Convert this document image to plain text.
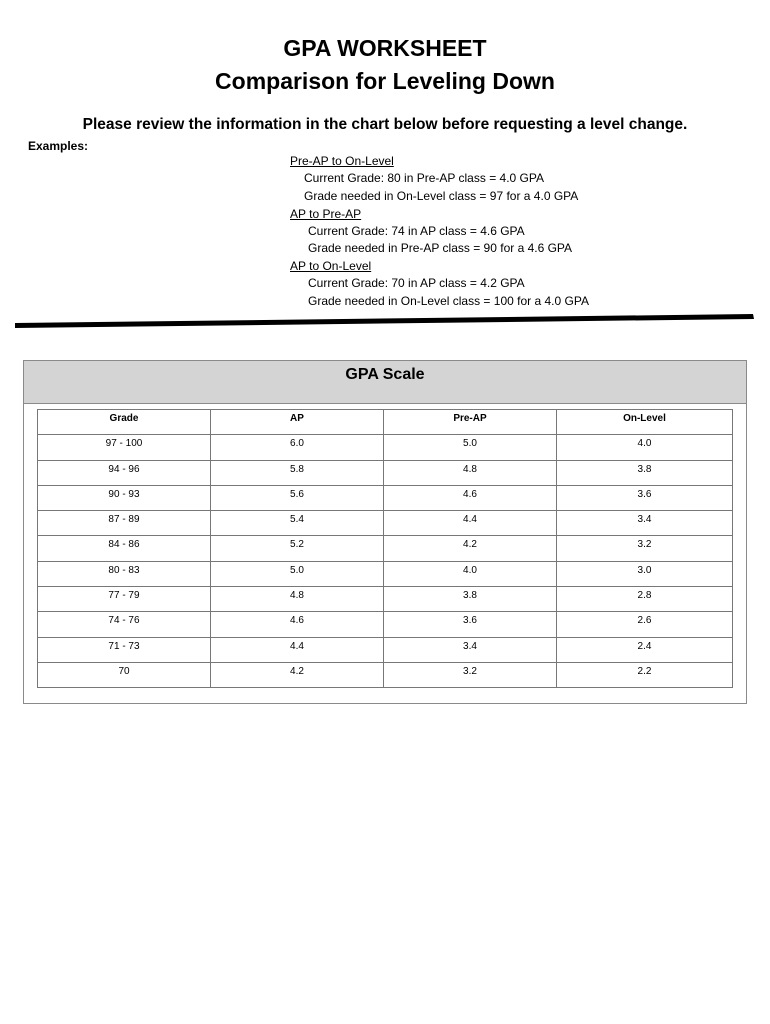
GPA WORKSHEET
Comparison for Leveling Down
Please review the information in the chart below before requesting a level change.
Examples:
Pre-AP to On-Level
Current Grade: 80 in Pre-AP class = 4.0 GPA
Grade needed in On-Level class = 97 for a 4.0 GPA
AP to Pre-AP
Current Grade: 74 in AP class = 4.6 GPA
Grade needed in Pre-AP class = 90 for a 4.6 GPA
AP to On-Level
Current Grade: 70 in AP class = 4.2 GPA
Grade needed in On-Level class = 100 for a 4.0 GPA
GPA Scale
Grade	AP	Pre-AP	On-Level
97 - 100	6.0	5.0	4.0
94 - 96	5.8	4.8	3.8
90 - 93	5.6	4.6	3.6
87 - 89	5.4	4.4	3.4
84 - 86	5.2	4.2	3.2
80 - 83	5.0	4.0	3.0
77 - 79	4.8	3.8	2.8
74 - 76	4.6	3.6	2.6
71 - 73	4.4	3.4	2.4
70	4.2	3.2	2.2
